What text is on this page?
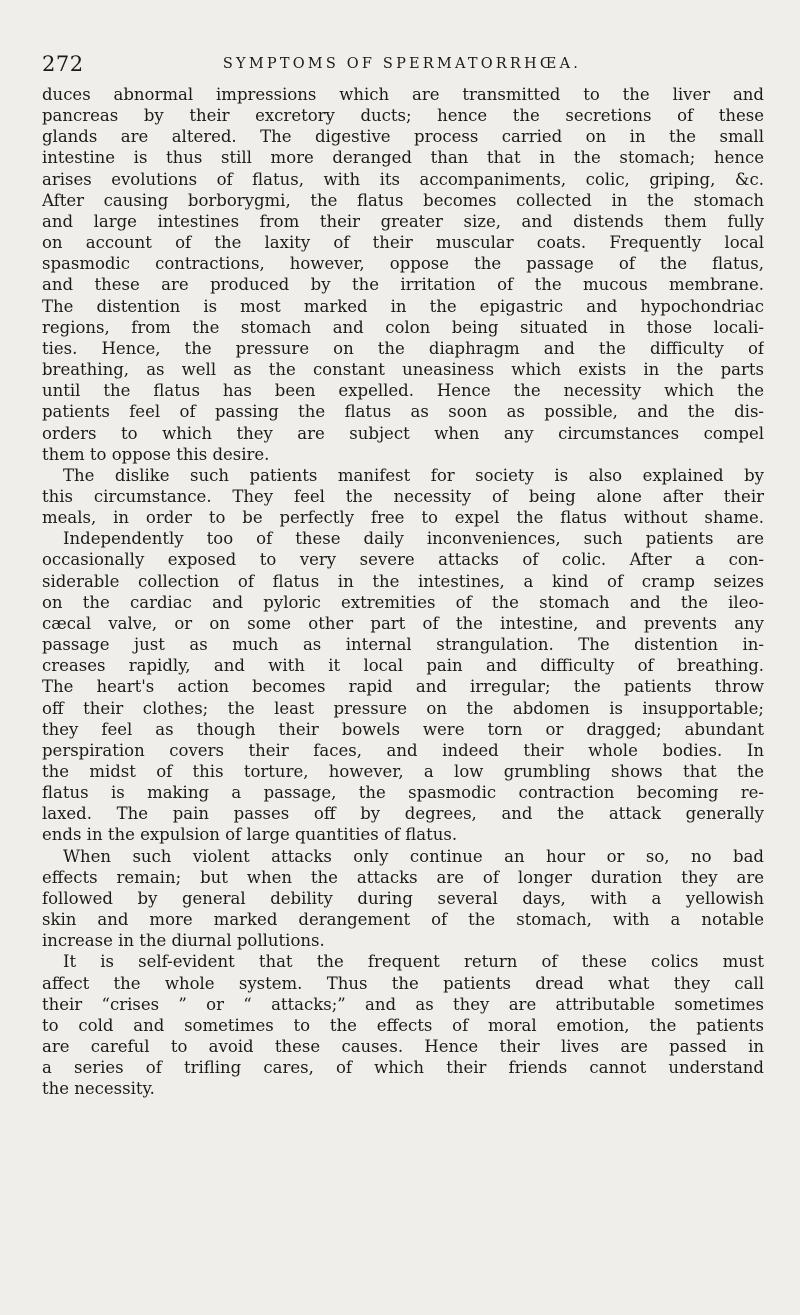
272	SYMPTOMS OF SPERMATORRHŒA.
duces abnormal impressions which are transmitted to the liver and
pancreas by their excretory ducts; hence the secretions of these
glands are altered. The digestive process carried on in the small
intestine is thus still more deranged than that in the stomach; hence
arises evolutions of flatus, with its accompaniments, colic, griping, &c.
After causing borborygmi, the flatus becomes collected in the stomach
and large intestines from their greater size, and distends them fully
on account of the laxity of their muscular coats. Frequently local
spasmodic contractions, however, oppose the passage of the flatus,
and these are produced by the irritation of the mucous membrane.
The distention is most marked in the epigastric and hypochondriac
regions, from the stomach and colon being situated in those locali-
ties. Hence, the pressure on the diaphragm and the difficulty of
breathing, as well as the constant uneasiness which exists in the parts
until the flatus has been expelled. Hence the necessity which the
patients feel of passing the flatus as soon as possible, and the dis-
orders to which they are subject when any circumstances compel
them to oppose this desire.
The dislike such patients manifest for society is also explained by
this circumstance. They feel the necessity of being alone after their
meals, in order to be perfectly free to expel the flatus without shame.
Independently too of these daily inconveniences, such patients are
occasionally exposed to very severe attacks of colic. After a con-
siderable collection of flatus in the intestines, a kind of cramp seizes
on the cardiac and pyloric extremities of the stomach and the ileo-
cæcal valve, or on some other part of the intestine, and prevents any
passage just as much as internal strangulation. The distention in-
creases rapidly, and with it local pain and difficulty of breathing.
The heart's action becomes rapid and irregular; the patients throw
off their clothes; the least pressure on the abdomen is insupportable;
they feel as though their bowels were torn or dragged; abundant
perspiration covers their faces, and indeed their whole bodies. In
the midst of this torture, however, a low grumbling shows that the
flatus is making a passage, the spasmodic contraction becoming re-
laxed. The pain passes off by degrees, and the attack generally
ends in the expulsion of large quantities of flatus.
When such violent attacks only continue an hour or so, no bad
effects remain; but when the attacks are of longer duration they are
followed by general debility during several days, with a yellowish
skin and more marked derangement of the stomach, with a notable
increase in the diurnal pollutions.
It is self-evident that the frequent return of these colics must
affect the whole system. Thus the patients dread what they call
their “crises ” or “ attacks;” and as they are attributable sometimes
to cold and sometimes to the effects of moral emotion, the patients
are careful to avoid these causes. Hence their lives are passed in
a series of trifling cares, of which their friends cannot understand
the necessity.
